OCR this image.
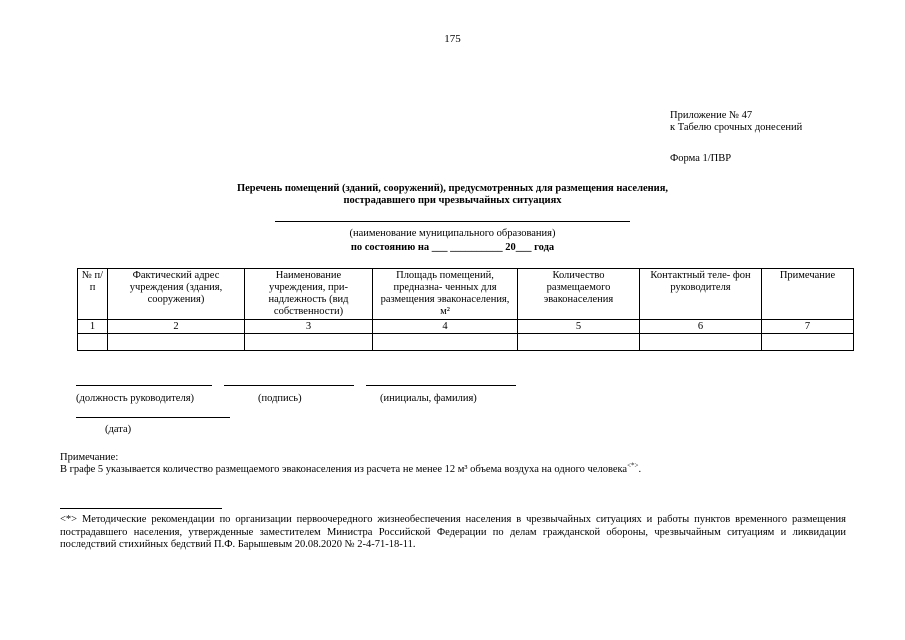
175
Приложение № 47
к Табелю срочных донесений
Форма 1/ПВР
Перечень помещений (зданий, сооружений), предусмотренных для размещения населения,
пострадавшего при чрезвычайных ситуациях
(наименование муниципального образования)
по состоянию на ___ __________ 20___ года
№ п/п	Фактический адрес учреждения (здания, сооружения)	Наименование учреждения, при- надлежность (вид собственности)	Площадь помещений, предназна- ченных для размещения эваконаселения, м²	Количество размещаемого эваконаселения	Контактный теле- фон руководителя	Примечание
1	2	3	4	5	6	7

(должность руководителя)	(подпись)	(инициалы, фамилия)
(дата)
Примечание:
В графе 5 указывается количество размещаемого эваконаселения из расчета не менее 12 м³ объема воздуха на одного человека<*>.
<*> Методические рекомендации по организации первоочередного жизнеобеспечения населения в чрезвычайных ситуациях и работы пунктов временного размещения пострадавшего населения, утвержденные заместителем Министра Российской Федерации по делам гражданской обороны, чрезвычайным ситуациям и ликвидации последствий стихийных бедствий П.Ф. Барышевым 20.08.2020 № 2-4-71-18-11.
